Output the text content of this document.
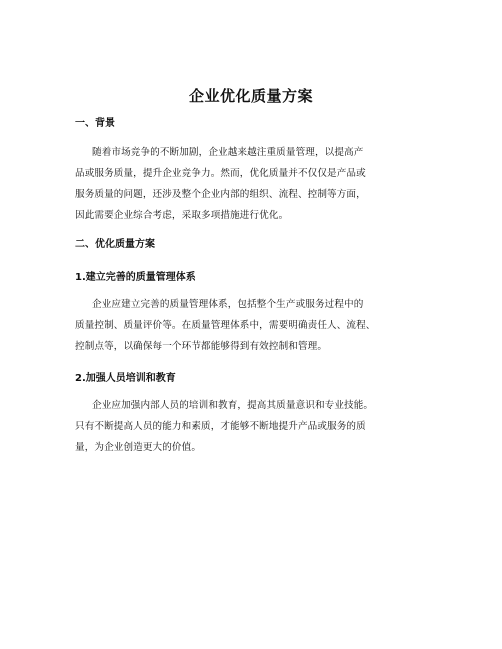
企业优化质量方案
一、背景
随着市场竞争的不断加剧，企业越来越注重质量管理，以提高产
品或服务质量，提升企业竞争力。然而，优化质量并不仅仅是产品或
服务质量的问题，还涉及整个企业内部的组织、流程、控制等方面，
因此需要企业综合考虑，采取多项措施进行优化。
二、优化质量方案
1.建立完善的质量管理体系
企业应建立完善的质量管理体系，包括整个生产或服务过程中的
质量控制、质量评价等。在质量管理体系中，需要明确责任人、流程、
控制点等，以确保每一个环节都能够得到有效控制和管理。
2.加强人员培训和教育
企业应加强内部人员的培训和教育，提高其质量意识和专业技能。
只有不断提高人员的能力和素质，才能够不断地提升产品或服务的质
量，为企业创造更大的价值。
